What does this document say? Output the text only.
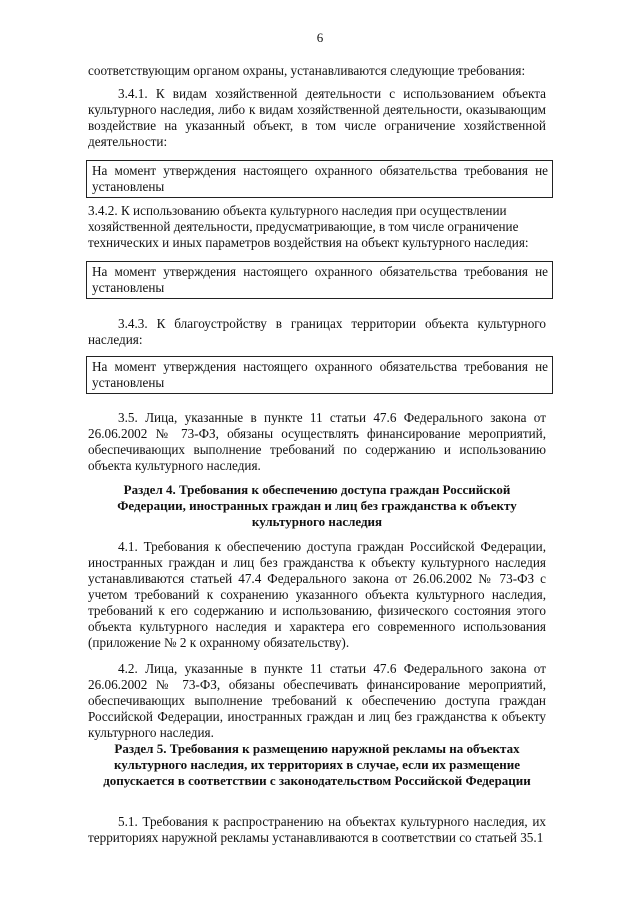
6

соответствующим органом охраны, устанавливаются следующие требования:

3.4.1. К видам хозяйственной деятельности с использованием объекта культурного наследия, либо к видам хозяйственной деятельности, оказывающим воздействие на указанный объект, в том числе ограничение хозяйственной деятельности:

На момент утверждения настоящего охранного обязательства требования не установлены

3.4.2. К использованию объекта культурного наследия при осуществлении хозяйственной деятельности, предусматривающие, в том числе ограничение технических и иных параметров воздействия на объект культурного наследия:

На момент утверждения настоящего охранного обязательства требования не установлены

3.4.3. К благоустройству в границах территории объекта культурного наследия:

На момент утверждения настоящего охранного обязательства требования не установлены

3.5. Лица, указанные в пункте 11 статьи 47.6 Федерального закона от 26.06.2002 № 73-ФЗ, обязаны осуществлять финансирование мероприятий, обеспечивающих выполнение требований по содержанию и использованию объекта культурного наследия.

Раздел 4. Требования к обеспечению доступа граждан Российской Федерации, иностранных граждан и лиц без гражданства к объекту культурного наследия

4.1. Требования к обеспечению доступа граждан Российской Федерации, иностранных граждан и лиц без гражданства к объекту культурного наследия устанавливаются статьей 47.4 Федерального закона от 26.06.2002 № 73-ФЗ с учетом требований к сохранению указанного объекта культурного наследия, требований к его содержанию и использованию, физического состояния этого объекта культурного наследия и характера его современного использования (приложение № 2 к охранному обязательству).

4.2. Лица, указанные в пункте 11 статьи 47.6 Федерального закона от 26.06.2002 № 73-ФЗ, обязаны обеспечивать финансирование мероприятий, обеспечивающих выполнение требований к обеспечению доступа граждан Российской Федерации, иностранных граждан и лиц без гражданства к объекту культурного наследия.

Раздел 5. Требования к размещению наружной рекламы на объектах культурного наследия, их территориях в случае, если их размещение допускается в соответствии с законодательством Российской Федерации

5.1. Требования к распространению на объектах культурного наследия, их территориях наружной рекламы устанавливаются в соответствии со статьей 35.1
